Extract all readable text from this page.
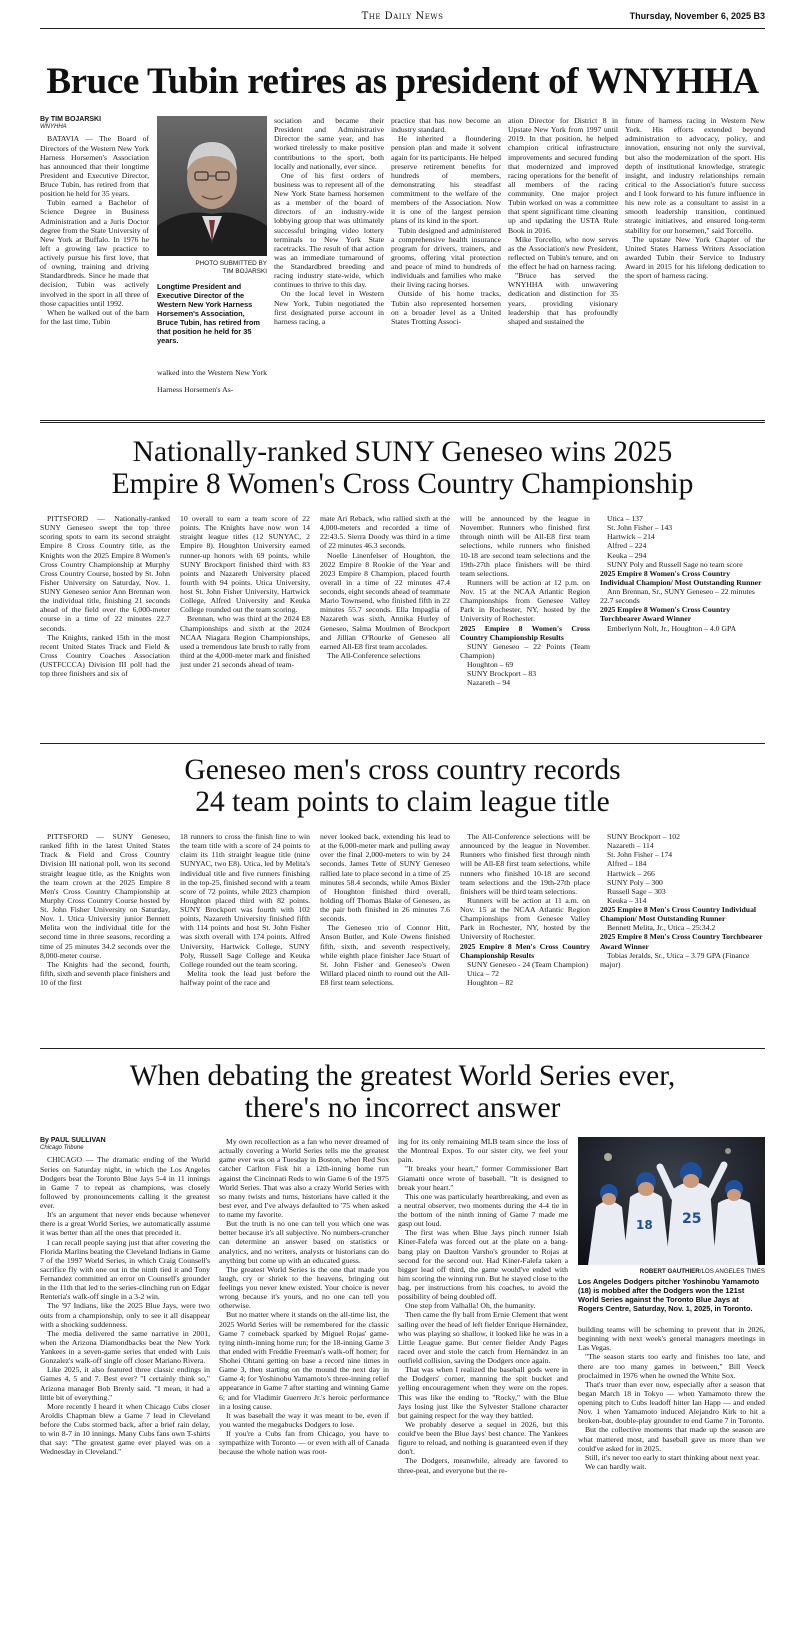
The Daily News	Thursday, November 6, 2025 B3
Bruce Tubin retires as president of WNYHHA

By TIM BOJARSKI

WNYHHA

BATAVIA — The Board of Directors of the Western New York Harness Horsemen's Association has announced that their longtime President and Executive Director, Bruce Tubin, has retired from that position he held for 35 years.

Tubin earned a Bachelor of Science Degree in Business Administration and a Juris Doctor degree from the State University of New York at Buffalo. In 1976 he left a growing law practice to actively pursue his first love, that of owning, training and driving Standardbreds. Since he made that decision, Tubin was actively involved in the sport in all three of those capacities until 1992.

When he walked out of the barn for the last time, Tubin

PHOTO SUBMITTED BY
TIM BOJARSKI
Longtime President and Executive Director of the Western New York Harness Horsemen's Association, Bruce Tubin, has retired from that position he held for 35 years.

walked into the Western New York Harness Horsemen's As-

sociation and became their President and Administrative Director the same year, and has worked tirelessly to make positive contributions to the sport, both locally and nationally, ever since.

One of his first orders of business was to represent all of the New York State harness horsemen as a member of the board of directors of an industry-wide lobbying group that was ultimately successful bringing video lottery terminals to New York State racetracks. The result of that action was an immediate turnaround of the Standardbred breeding and racing industry state-wide, which continues to thrive to this day.

On the local level in Western New York, Tubin negotiated the first designated purse account in harness racing, a

practice that has now become an industry standard.

He inherited a floundering pension plan and made it solvent again for its participants. He helped preserve retirement benefits for hundreds of members, demonstrating his steadfast commitment to the welfare of the members of the Association. Now it is one of the largest pension plans of its kind in the sport.

Tubin designed and administered a comprehensive health insurance program for drivers, trainers, and grooms, offering vital protection and peace of mind to hundreds of individuals and families who make their living racing horses.

Outside of his home tracks, Tubin also represented horsemen on a broader level as a United States Trotting Associ-

ation Director for District 8 in Upstate New York from 1997 until 2019. In that position, he helped champion critical infrastructure improvements and secured funding that modernized and improved racing operations for the benefit of all members of the racing community. One major project Tubin worked on was a committee that spent significant time cleaning up and updating the USTA Rule Book in 2016.

Mike Torcello, who now serves as the Association's new President, reflected on Tubin's tenure, and on the effect he had on harness racing.

"Bruce has served the WNYHHA with unwavering dedication and distinction for 35 years, providing visionary leadership that has profoundly shaped and sustained the

future of harness racing in Western New York. His efforts extended beyond administration to advocacy, policy, and innovation, ensuring not only the survival, but also the modernization of the sport. His depth of institutional knowledge, strategic insight, and industry relationships remain critical to the Association's future success and I look forward to his future influence in his new role as a consultant to assist in a smooth leadership transition, continued strategic initiatives, and ensured long-term stability for our horsemen," said Torcello.

The upstate New York Chapter of the United States Harness Writers Association awarded Tubin their Service to Industry Award in 2015 for his lifelong dedication to the sport of harness racing.

Nationally-ranked SUNY Geneseo wins 2025
Empire 8 Women's Cross Country Championship

PITTSFORD — Nationally-ranked SUNY Geneseo swept the top three scoring spots to earn its second straight Empire 8 Cross Country title, as the Knights won the 2025 Empire 8 Women's Cross Country Championship at Murphy Cross Country Course, hosted by St. John Fisher University on Saturday, Nov. 1. SUNY Geneseo senior Ann Brennan won the individual title, finishing 21 seconds ahead of the field over the 6,000-meter course in a time of 22 minutes 22.7 seconds.

The Knights, ranked 15th in the most recent United States Track and Field & Cross Country Coaches Association (USTFCCCA) Division III poll had the top three finishers and six of

10 overall to earn a team score of 22 points. The Knights have now won 14 straight league titles (12 SUNYAC, 2 Empire 8). Houghton University earned runner-up honors with 69 points, while SUNY Brockport finished third with 83 points and Nazareth University placed fourth with 94 points. Utica University, host St. John Fisher University, Hartwick College, Alfred University and Keuka College rounded out the team scoring.

Brennan, who was third at the 2024 E8 Championships and sixth at the 2024 NCAA Niagara Region Championships, used a tremendous late brush to rally from third at the 4,000-meter mark and finished just under 21 seconds ahead of team-

mate Ari Reback, who rallied sixth at the 4,000-meters and recorded a time of 22:43.5. Sierra Doody was third in a time of 22 minutes 46.3 seconds.

Noelle Linenfelser of Houghton, the 2022 Empire 8 Rookie of the Year and 2023 Empire 8 Champion, placed fourth overall in a time of 22 minutes 47.4 seconds, eight seconds ahead of teammate Mario Townsend, who finished fifth in 22 minutes 55.7 seconds. Ella Impaglia of Nazareth was sixth, Annika Hurley of Geneseo, Salma Moulmen of Brockport and Jillian O'Rourke of Geneseo all earned All-E8 first team accolades.

The All-Conference selections

will be announced by the league in November. Runners who finished first through ninth will be All-E8 first team selections, while runners who finished 10-18 are second team selections and the 19th-27th place finishers will be third team selections.

Runners will be action at 12 p.m. on Nov. 15 at the NCAA Atlantic Region Championships from Genesee Valley Park in Rochester, NY, hosted by the University of Rochester.

2025 Empire 8 Women's Cross Country Championship Results

SUNY Geneseo – 22 Points (Team Champion)

Houghton – 69

SUNY Brockport – 83

Nazareth – 94

Utica – 137

St. John Fisher – 143

Hartwick – 214

Alfred – 224

Keuka – 294

SUNY Poly and Russell Sage no team score

2025 Empire 8 Women's Cross Country Individual Champion/ Most Outstanding Runner

Ann Brennan, Sr., SUNY Geneseo – 22 minutes 22.7 seconds

2025 Empire 8 Women's Cross Country Torchbearer Award Winner

Emberlynn Nolt, Jr., Houghton – 4.0 GPA

Geneseo men's cross country records
24 team points to claim league title

PITTSFORD — SUNY Geneseo, ranked fifth in the latest United States Track & Field and Cross Country Division III national poll, won its second straight league title, as the Knights won the team crown at the 2025 Empire 8 Men's Cross Country Championship at Murphy Cross Country Course hosted by St. John Fisher University on Saturday, Nov. 1. Utica University junior Bennett Melita won the individual title for the second time in three seasons, recording a time of 25 minutes 34.2 seconds over the 8,000-meter course.

The Knights had the second, fourth, fifth, sixth and seventh place finishers and 10 of the first

18 runners to cross the finish line to win the team title with a score of 24 points to claim its 11th straight league title (nine SUNYAC, two E8). Utica, led by Melita's individual title and five runners finishing in the top-25, finished second with a team score of 72 points, while 2023 champion Houghton placed third with 82 points. SUNY Brockport was fourth with 102 points, Nazareth University finished fifth with 114 points and host St. John Fisher was sixth overall with 174 points. Alfred University, Hartwick College, SUNY Poly, Russell Sage College and Keuka College rounded out the team scoring.

Melita took the lead just before the halfway point of the race and

never looked back, extending his lead to at the 6,000-meter mark and pulling away over the final 2,000-meters to win by 24 seconds. James Tette of SUNY Geneseo rallied late to place second in a time of 25 minutes 58.4 seconds, while Amos Bixler of Houghton finished third overall, holding off Thomas Blake of Geneseo, as the pair both finished in 26 minutes 7.6 seconds.

The Geneseo trio of Connor Hitt, Anson Butler, and Kole Owens finished fifth, sixth, and seventh respectively, while eighth place finisher Jace Stuart of St. John Fisher and Geneseo's Owen Willard placed ninth to round out the All-E8 first team selections.

The All-Conference selections will be announced by the league in November. Runners who finished first through ninth will be All-E8 first team selections, while runners who finished 10-18 are second team selections and the 19th-27th place finishers will be third team selections.

Runners will be action at 11 a.m. on Nov. 15 at the NCAA Atlantic Region Championships from Genesee Valley Park in Rochester, NY, hosted by the University of Rochester.

2025 Empire 8 Men's Cross Country Championship Results

SUNY Geneseo - 24 (Team Champion)

Utica – 72

Houghton – 82

SUNY Brockport – 102

Nazareth – 114

St. John Fisher – 174

Alfred – 184

Hartwick – 266

SUNY Poly – 300

Russell Sage – 303

Keuka – 314

2025 Empire 8 Men's Cross Country Individual Champion/ Most Outstanding Runner

Bennett Melita, Jr., Utica – 25:34.2

2025 Empire 8 Men's Cross Country Torchbearer Award Winner

Tobias Jeralds, Sr., Utica – 3.79 GPA (Finance major)

When debating the greatest World Series ever,
there's no incorrect answer

By PAUL SULLIVAN

Chicago Tribune

CHICAGO — The dramatic ending of the World Series on Saturday night, in which the Los Angeles Dodgers beat the Toronto Blue Jays 5-4 in 11 innings in Game 7 to repeat as champions, was closely followed by pronouncements calling it the greatest ever.

It's an argument that never ends because whenever there is a great World Series, we automatically assume it was better than all the ones that preceded it.

I can recall people saying just that after covering the Florida Marlins beating the Cleveland Indians in Game 7 of the 1997 World Series, in which Craig Counsell's sacrifice fly with one out in the ninth tied it and Tony Fernandez committed an error on Counsell's grounder in the 11th that led to the series-clinching run on Edgar Renteria's walk-off single in a 3-2 win.

The '97 Indians, like the 2025 Blue Jays, were two outs from a championship, only to see it all disappear with a shocking suddenness.

The media delivered the same narrative in 2001, when the Arizona Diamondbacks beat the New York Yankees in a seven-game series that ended with Luis Gonzalez's walk-off single off closer Mariano Rivera.

Like 2025, it also featured three classic endings in Games 4, 5 and 7. Best ever? "I certainly think so," Arizona manager Bob Brenly said. "I mean, it had a little bit of everything."

More recently I heard it when Chicago Cubs closer Aroldis Chapman blew a Game 7 lead in Cleveland before the Cubs stormed back, after a brief rain delay, to win 8-7 in 10 innings. Many Cubs fans own T-shirts that say: "The greatest game ever played was on a Wednesday in Cleveland."

My own recollection as a fan who never dreamed of actually covering a World Series tells me the greatest game ever was on a Tuesday in Boston, when Red Sox catcher Carlton Fisk hit a 12th-inning home run against the Cincinnati Reds to win Game 6 of the 1975 World Series. That was also a crazy World Series with so many twists and turns, historians have called it the best ever, and I've always defaulted to '75 when asked to name my favorite.

But the truth is no one can tell you which one was better because it's all subjective. No numbers-cruncher can determine an answer based on statistics or analytics, and no writers, analysts or historians can do anything but come up with an educated guess.

The greatest World Series is the one that made you laugh, cry or shriek to the heavens, bringing out feelings you never knew existed. Your choice is never wrong because it's yours, and no one can tell you otherwise.

But no matter where it stands on the all-time list, the 2025 World Series will be remembered for the classic Game 7 comeback sparked by Miguel Rojas' game-tying ninth-inning home run; for the 18-inning Game 3 that ended with Freddie Freeman's walk-off homer; for Shohei Ohtani getting on base a record nine times in Game 3, then starting on the mound the next day in Game 4; for Yoshinobu Yamamoto's three-inning relief appearance in Game 7 after starting and winning Game 6; and for Vladimir Guerrero Jr.'s heroic performance in a losing cause.

It was baseball the way it was meant to be, even if you wanted the megabucks Dodgers to lose.

If you're a Cubs fan from Chicago, you have to sympathize with Toronto — or even with all of Canada because the whole nation was root-

ing for its only remaining MLB team since the loss of the Montreal Expos. To our sister city, we feel your pain.

"It breaks your heart," former Commissioner Bart Giamatti once wrote of baseball. "It is designed to break your heart."

This one was particularly heartbreaking, and even as a neutral observer, two moments during the 4-4 tie in the bottom of the ninth inning of Game 7 made me gasp out loud.

The first was when Blue Jays pinch runner Isiah Kiner-Falefa was forced out at the plate on a bang-bang play on Daulton Varsho's grounder to Rojas at second for the second out. Had Kiner-Falefa taken a bigger lead off third, the game would've ended with him scoring the winning run. But he stayed close to the bag, per instructions from his coaches, to avoid the possibility of being doubled off.

One step from Valhalla! Oh, the humanity.

Then came the fly ball from Ernie Clement that went sailing over the head of left fielder Enrique Hernández, who was playing so shallow, it looked like he was in a Little League game. But center fielder Andy Pages raced over and stole the catch from Hernández in an outfield collision, saving the Dodgers once again.

That was when I realized the baseball gods were in the Dodgers' corner, manning the spit bucket and yelling encouragement when they were on the ropes. This was like the ending to "Rocky," with the Blue Jays losing just like the Sylvester Stallone character but gaining respect for the way they battled.

We probably deserve a sequel in 2026, but this could've been the Blue Jays' best chance. The Yankees figure to reload, and nothing is guaranteed even if they don't.

The Dodgers, meanwhile, already are favored to three-peat, and everyone but the re-

25
18
ROBERT GAUTHIER/LOS ANGELES TIMES
Los Angeles Dodgers pitcher Yoshinobu Yamamoto (18) is mobbed after the Dodgers won the 121st World Series against the Toronto Blue Jays at Rogers Centre, Saturday, Nov. 1, 2025, in Toronto.

building teams will be scheming to prevent that in 2026, beginning with next week's general managers meetings in Las Vegas.

"The season starts too early and finishes too late, and there are too many games in between," Bill Veeck proclaimed in 1976 when he owned the White Sox.

That's truer than ever now, especially after a season that began March 18 in Tokyo — when Yamamoto threw the opening pitch to Cubs leadoff hitter Ian Happ — and ended Nov. 1 when Yamamoto induced Alejandro Kirk to hit a broken-bat, double-play grounder to end Game 7 in Toronto.

But the collective moments that made up the season are what mattered most, and baseball gave us more than we could've asked for in 2025.

Still, it's never too early to start thinking about next year.

We can hardly wait.
